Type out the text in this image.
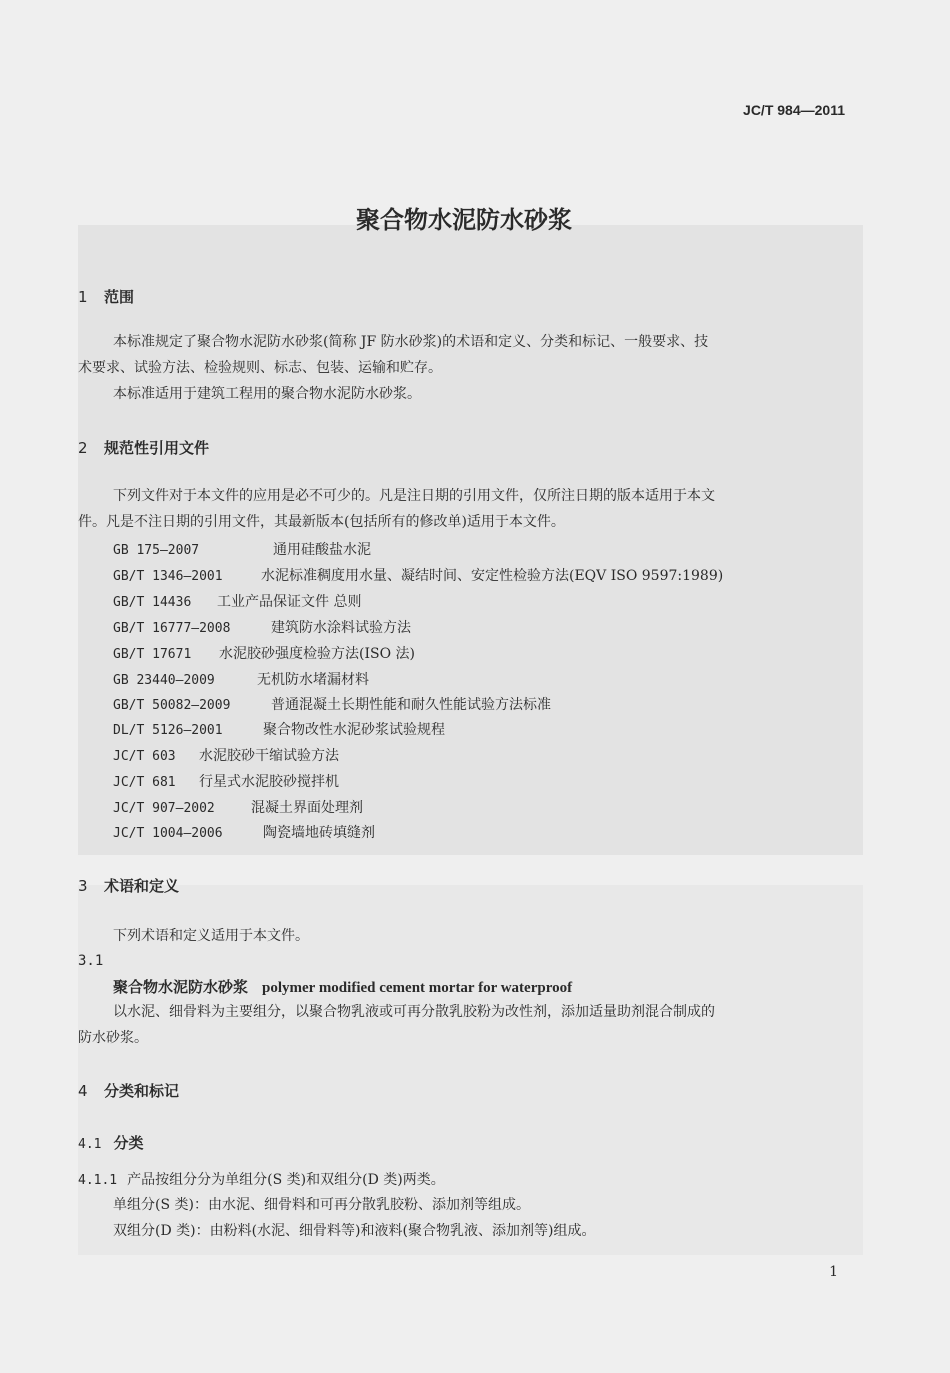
JC/T 984—2011
聚合物水泥防水砂浆
1 范围
本标准规定了聚合物水泥防水砂浆(简称 JF 防水砂浆)的术语和定义、分类和标记、一般要求、技
术要求、试验方法、检验规则、标志、包装、运输和贮存。
本标准适用于建筑工程用的聚合物水泥防水砂浆。
2 规范性引用文件
下列文件对于本文件的应用是必不可少的。凡是注日期的引用文件，仅所注日期的版本适用于本文
件。凡是不注日期的引用文件，其最新版本(包括所有的修改单)适用于本文件。
GB 175—2007	通用硅酸盐水泥
GB/T 1346—2001	水泥标准稠度用水量、凝结时间、安定性检验方法(EQV ISO 9597:1989)
GB/T 14436 工业产品保证文件 总则
GB/T 16777—2008	建筑防水涂料试验方法
GB/T 17671 水泥胶砂强度检验方法(ISO 法)
GB 23440—2009	无机防水堵漏材料
GB/T 50082—2009	普通混凝土长期性能和耐久性能试验方法标准
DL/T 5126—2001	聚合物改性水泥砂浆试验规程
JC/T 603 水泥胶砂干缩试验方法
JC/T 681 行星式水泥胶砂搅拌机
JC/T 907—2002	混凝土界面处理剂
JC/T 1004—2006	陶瓷墙地砖填缝剂
3 术语和定义
下列术语和定义适用于本文件。
3.1
聚合物水泥防水砂浆 polymer modified cement mortar for waterproof
以水泥、细骨料为主要组分，以聚合物乳液或可再分散乳胶粉为改性剂，添加适量助剂混合制成的
防水砂浆。
4 分类和标记
4.1 分类
4.1.1 产品按组分分为单组分(S 类)和双组分(D 类)两类。
单组分(S 类)：由水泥、细骨料和可再分散乳胶粉、添加剂等组成。
双组分(D 类)：由粉料(水泥、细骨料等)和液料(聚合物乳液、添加剂等)组成。
1
